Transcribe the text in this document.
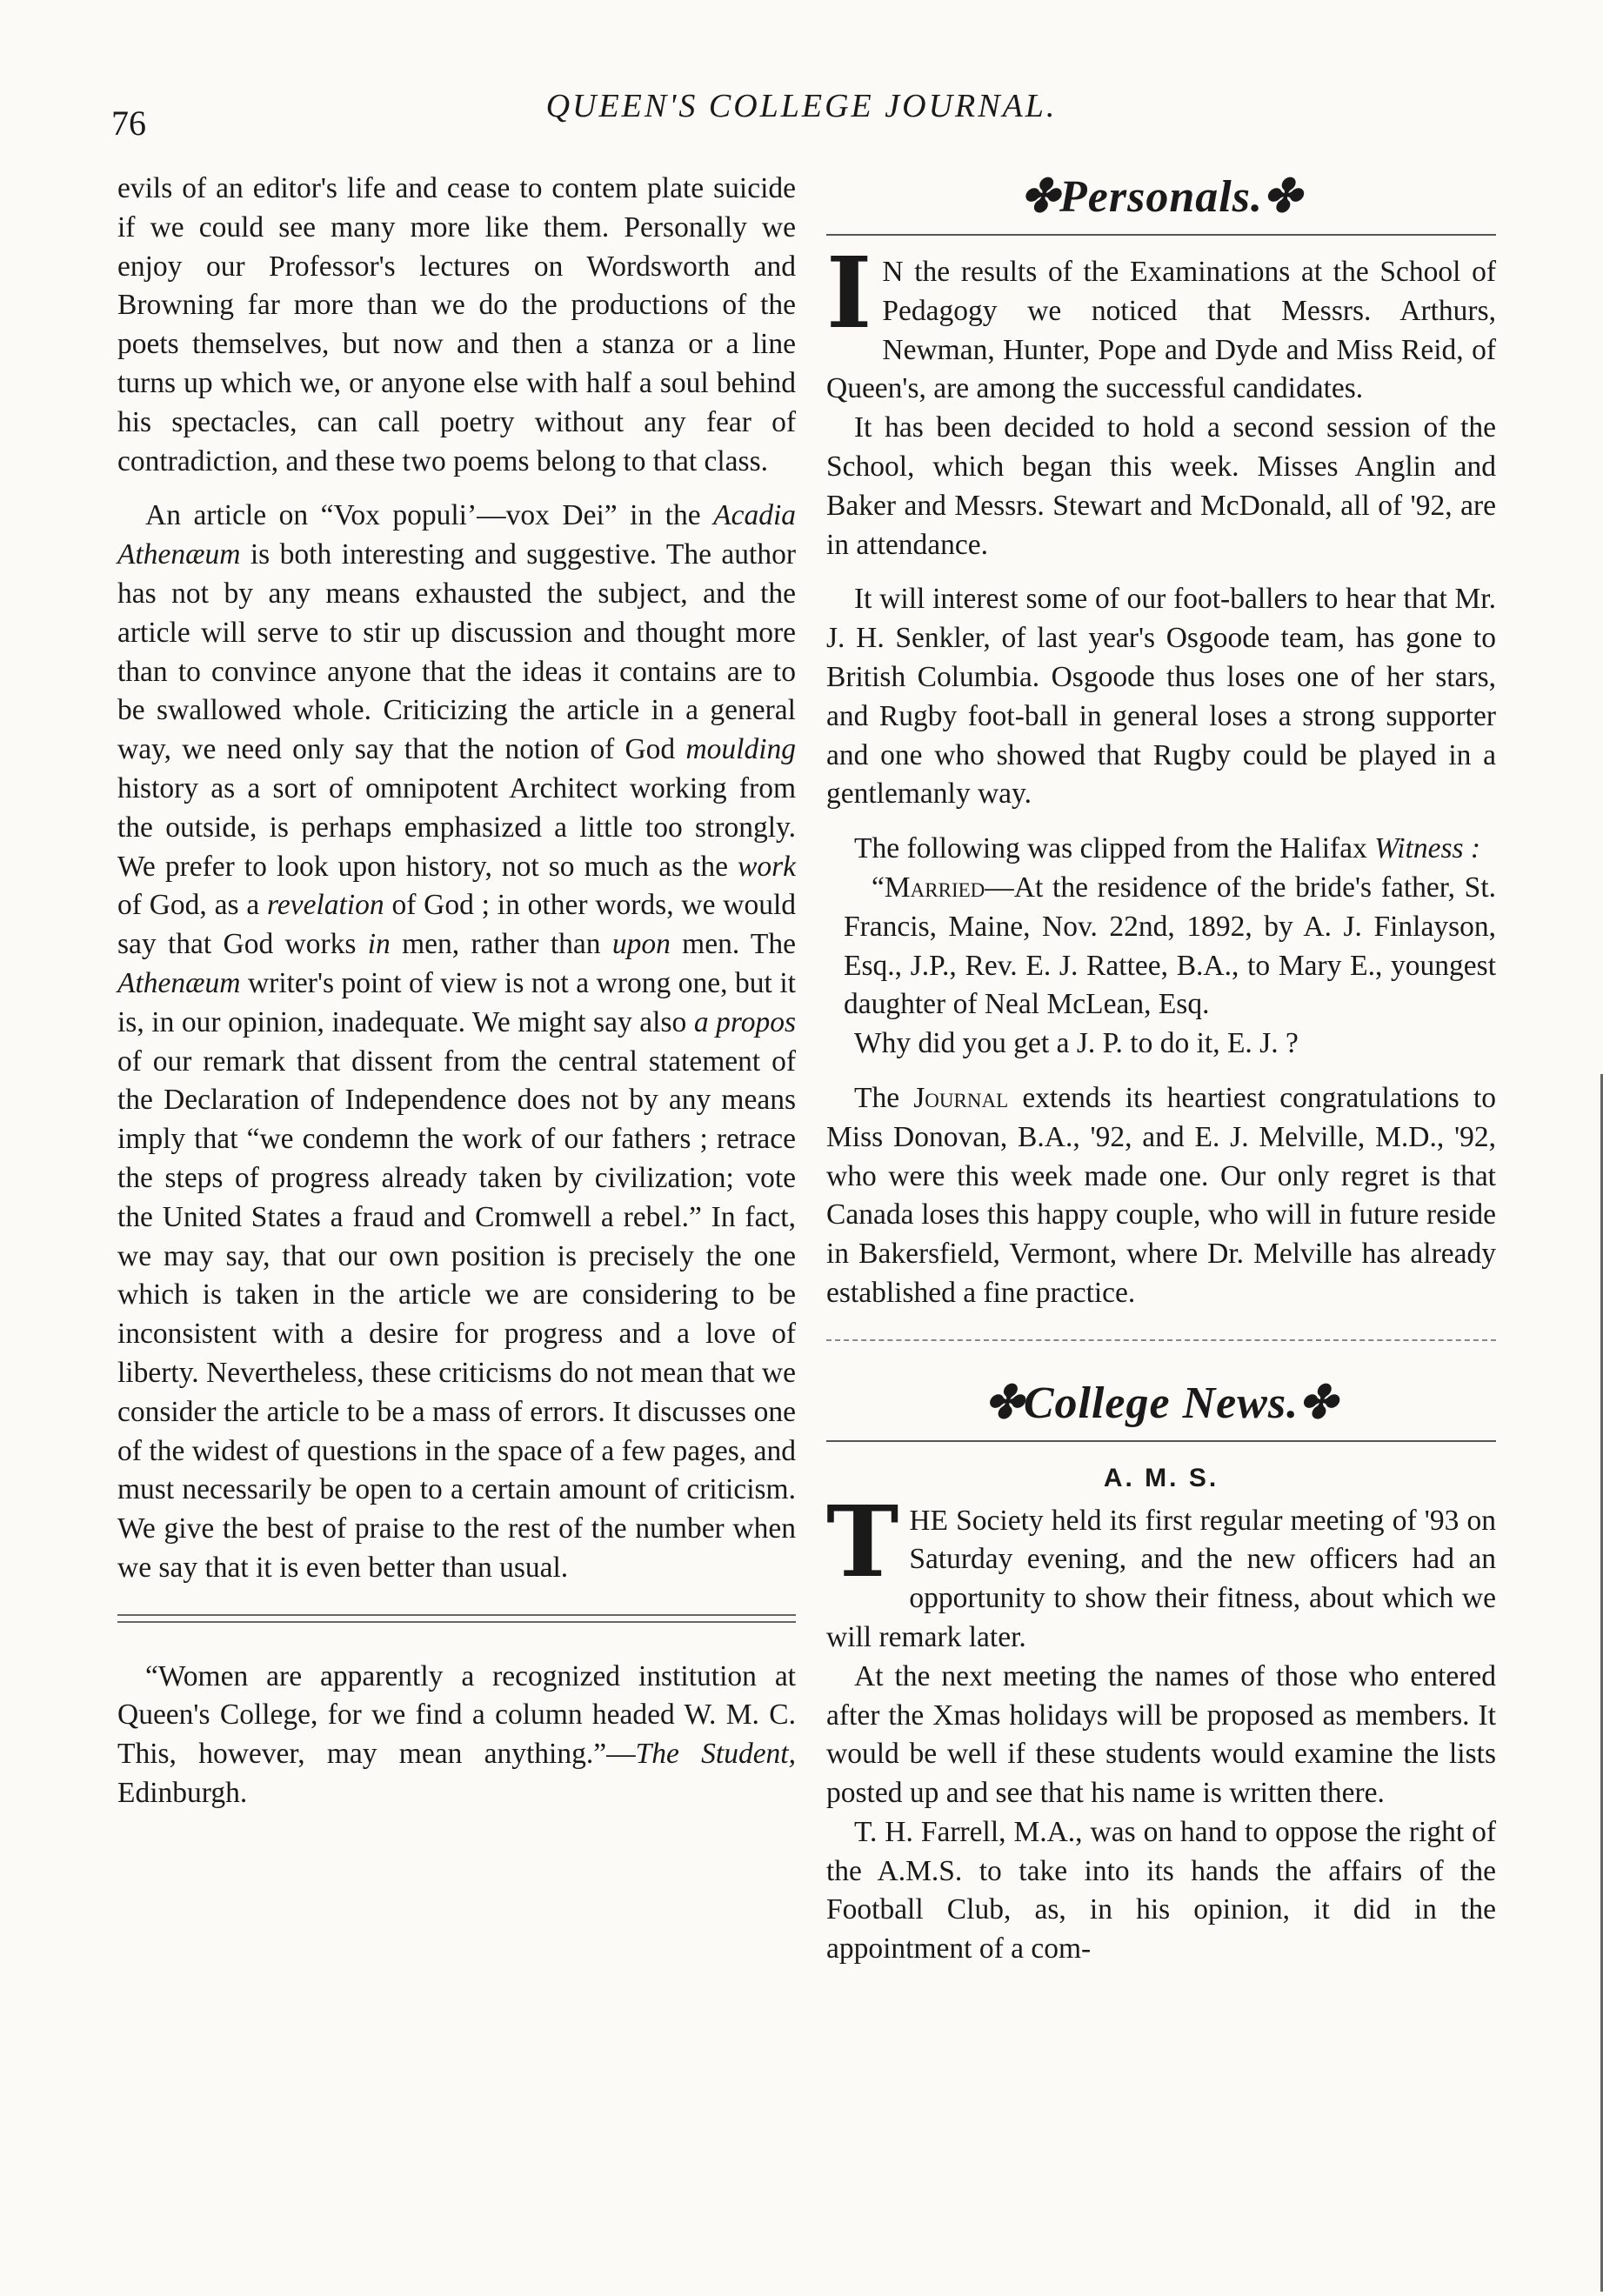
76	QUEEN'S COLLEGE JOURNAL.

evils of an editor's life and cease to contem plate suicide if we could see many more like them. Personally we enjoy our Professor's lectures on Wordsworth and Browning far more than we do the productions of the poets themselves, but now and then a stanza or a line turns up which we, or anyone else with half a soul behind his spectacles, can call poetry without any fear of contradiction, and these two poems belong to that class.

An article on “Vox populi’—vox Dei” in the Acadia Athenæum is both interesting and suggestive. The author has not by any means exhausted the subject, and the article will serve to stir up discussion and thought more than to convince anyone that the ideas it contains are to be swallowed whole. Criticizing the article in a general way, we need only say that the notion of God moulding history as a sort of omnipotent Architect working from the outside, is perhaps emphasized a little too strongly. We prefer to look upon history, not so much as the work of God, as a revelation of God ; in other words, we would say that God works in men, rather than upon men. The Athenæum writer's point of view is not a wrong one, but it is, in our opinion, inadequate. We might say also a propos of our remark that dissent from the central statement of the Declaration of Independence does not by any means imply that “we condemn the work of our fathers ; retrace the steps of progress already taken by civilization; vote the United States a fraud and Cromwell a rebel.” In fact, we may say, that our own position is precisely the one which is taken in the article we are considering to be inconsistent with a desire for progress and a love of liberty. Nevertheless, these criticisms do not mean that we consider the article to be a mass of errors. It discusses one of the widest of questions in the space of a few pages, and must necessarily be open to a certain amount of criticism. We give the best of praise to the rest of the number when we say that it is even better than usual.

“Women are apparently a recognized institution at Queen's College, for we find a column headed W. M. C. This, however, may mean anything.”—The Student, Edinburgh.

✤Personals.✤

I N the results of the Examinations at the School of Pedagogy we noticed that Messrs. Arthurs, Newman, Hunter, Pope and Dyde and Miss Reid, of Queen's, are among the successful candidates.

It has been decided to hold a second session of the School, which began this week. Misses Anglin and Baker and Messrs. Stewart and McDonald, all of '92, are in attendance.

It will interest some of our foot-ballers to hear that Mr. J. H. Senkler, of last year's Osgoode team, has gone to British Columbia. Osgoode thus loses one of her stars, and Rugby foot-ball in general loses a strong supporter and one who showed that Rugby could be played in a gentlemanly way.

The following was clipped from the Halifax Witness :

“Married—At the residence of the bride's father, St. Francis, Maine, Nov. 22nd, 1892, by A. J. Finlayson, Esq., J.P., Rev. E. J. Rattee, B.A., to Mary E., youngest daughter of Neal McLean, Esq.

Why did you get a J. P. to do it, E. J. ?

The Journal extends its heartiest congratulations to Miss Donovan, B.A., '92, and E. J. Melville, M.D., '92, who were this week made one. Our only regret is that Canada loses this happy couple, who will in future reside in Bakersfield, Vermont, where Dr. Melville has already established a fine practice.

✤College News.✤
A. M. S.

THE Society held its first regular meeting of '93 on Saturday evening, and the new officers had an opportunity to show their fitness, about which we will remark later.

At the next meeting the names of those who entered after the Xmas holidays will be proposed as members. It would be well if these students would examine the lists posted up and see that his name is written there.

T. H. Farrell, M.A., was on hand to oppose the right of the A.M.S. to take into its hands the affairs of the Football Club, as, in his opinion, it did in the appointment of a com-
